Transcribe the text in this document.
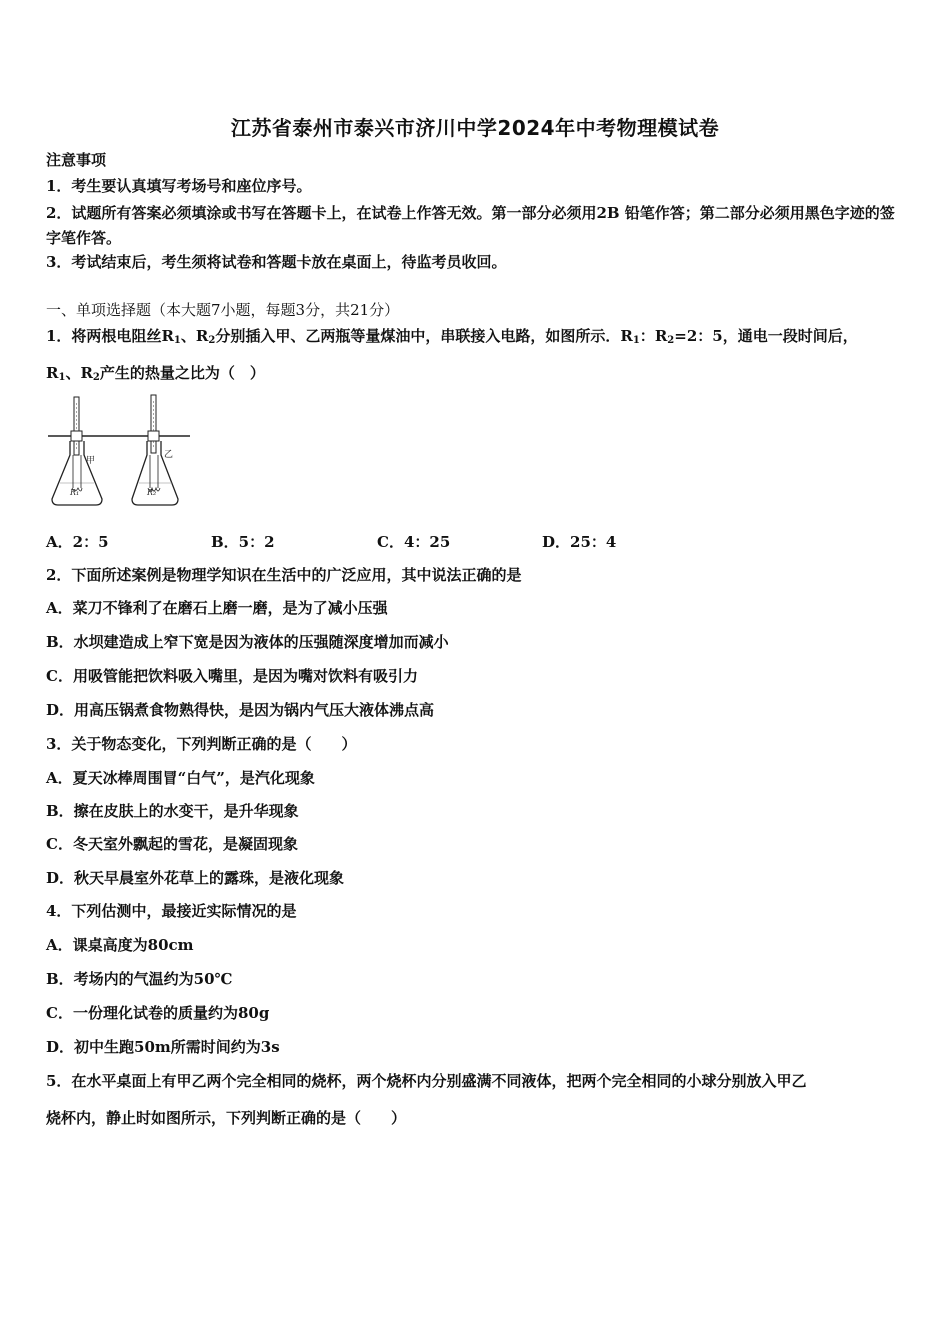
江苏省泰州市泰兴市济川中学2024年中考物理模试卷
注意事项
1．考生要认真填写考场号和座位序号。
2．试题所有答案必须填涂或书写在答题卡上，在试卷上作答无效。第一部分必须用2B 铅笔作答；第二部分必须用黑色字迹的签字笔作答。
3．考试结束后，考生须将试卷和答题卡放在桌面上，待监考员收回。
一、单项选择题（本大题7小题，每题3分，共21分）
1．将两根电阻丝$R_1$、$R_2$分别插入甲、乙两瓶等量煤油中，串联接入电路，如图所示．$R_1$：$R_2=2$：5，通电一段时间后，
$R_1$、$R_2$产生的热量之比为（　）
甲
R₁
乙
R₂
A．2：5	B．5：2	C．4：25	D．25：4
2．下面所述案例是物理学知识在生活中的广泛应用，其中说法正确的是
A．菜刀不锋利了在磨石上磨一磨，是为了减小压强
B．水坝建造成上窄下宽是因为液体的压强随深度增加而减小
C．用吸管能把饮料吸入嘴里，是因为嘴对饮料有吸引力
D．用高压锅煮食物熟得快，是因为锅内气压大液体沸点高
3．关于物态变化，下列判断正确的是（　　）
A．夏天冰棒周围冒“白气”，是汽化现象
B．擦在皮肤上的水变干，是升华现象
C．冬天室外飘起的雪花，是凝固现象
D．秋天早晨室外花草上的露珠，是液化现象
4．下列估测中，最接近实际情况的是
A．课桌高度为80cm
B．考场内的气温约为50℃
C．一份理化试卷的质量约为80g
D．初中生跑50m所需时间约为3s
5．在水平桌面上有甲乙两个完全相同的烧杯，两个烧杯内分别盛满不同液体，把两个完全相同的小球分别放入甲乙
烧杯内，静止时如图所示，下列判断正确的是（　　）
